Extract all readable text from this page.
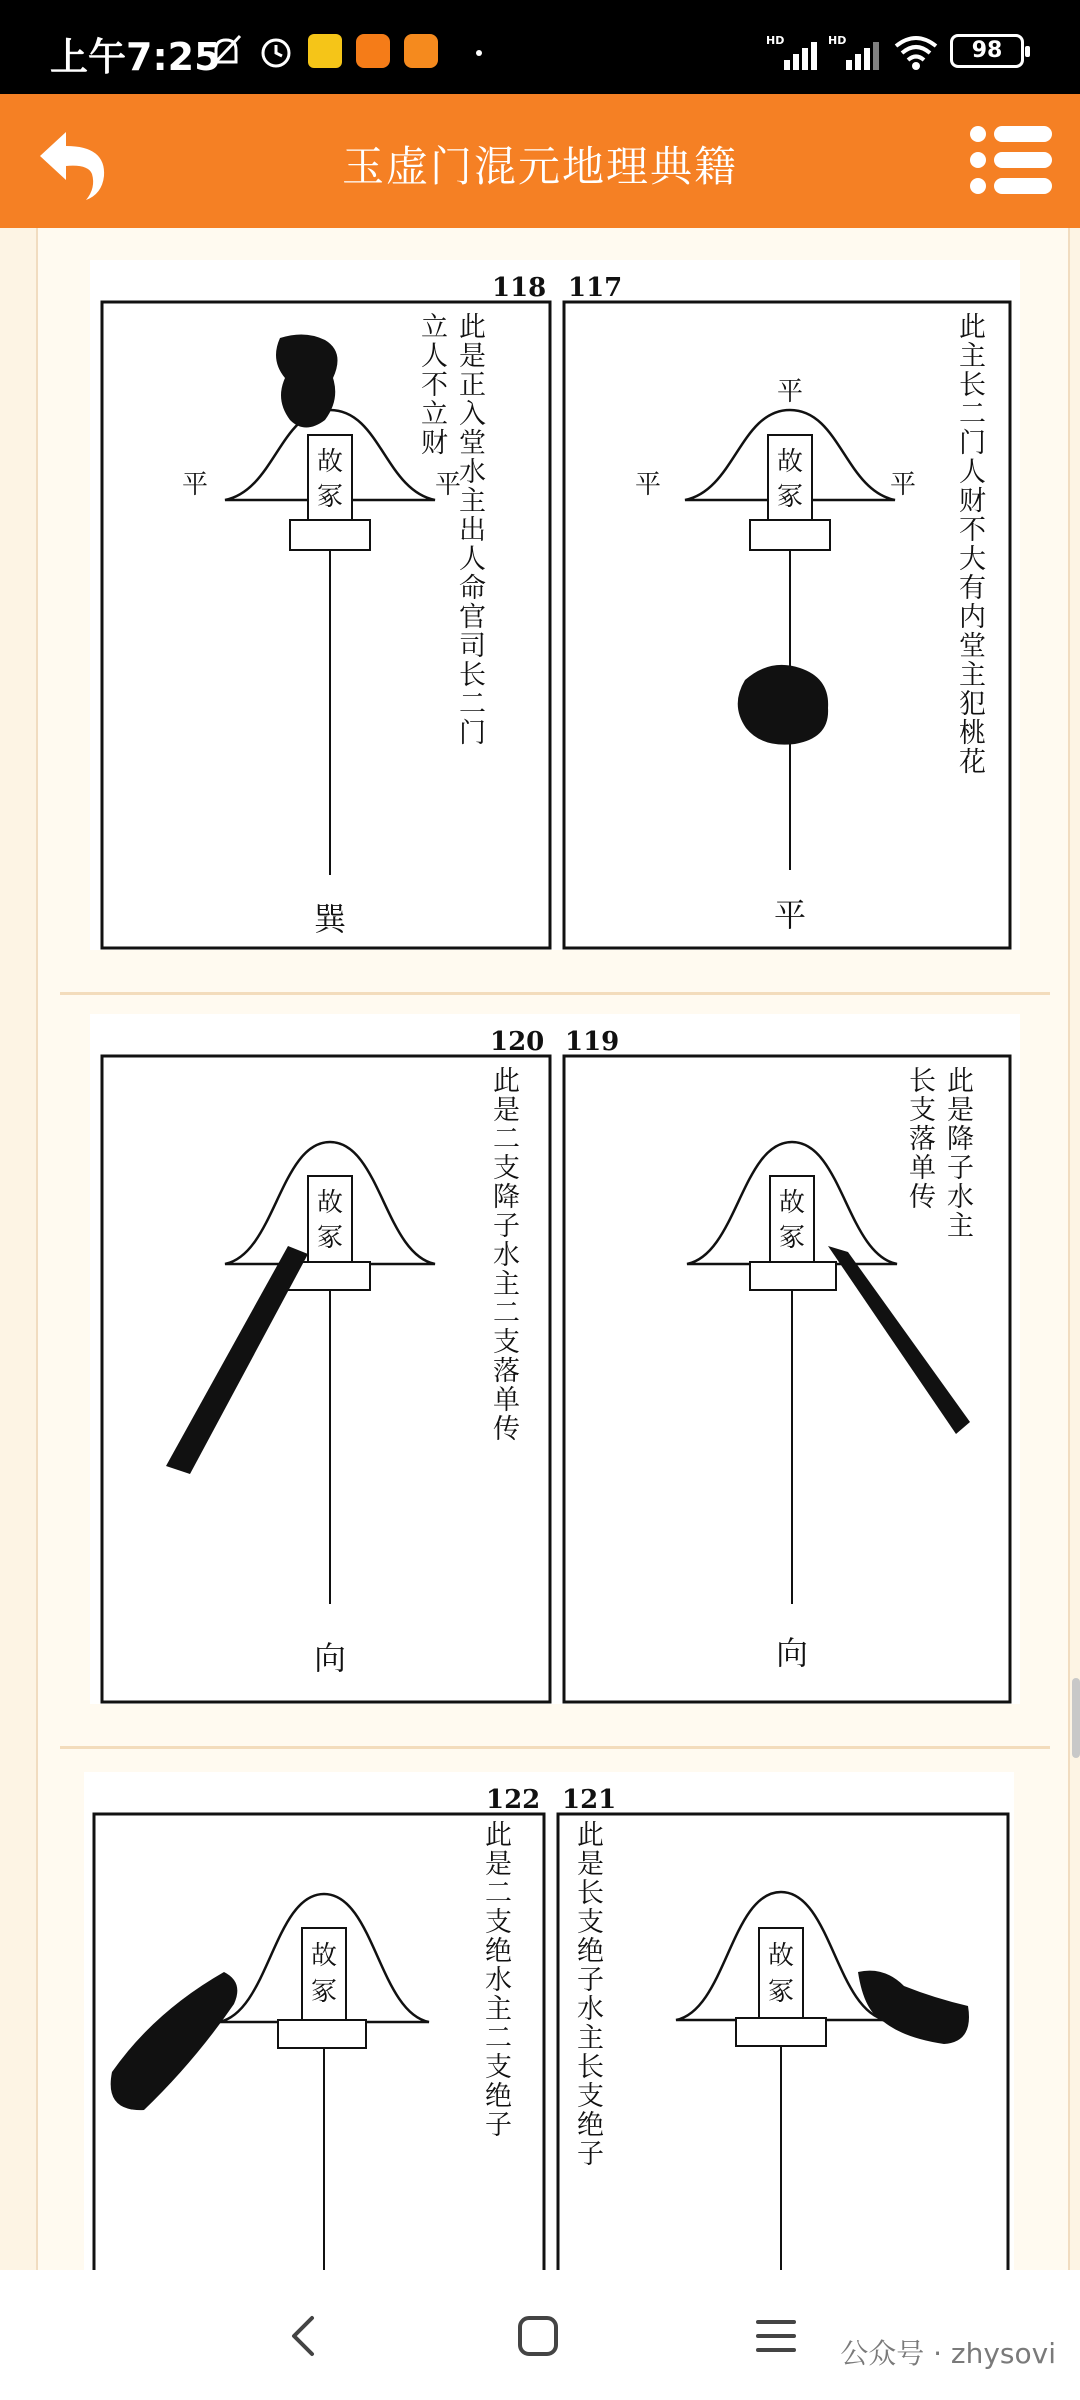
上午7:25	HD	HD	98
玉虚门混元地理典籍
118 117
故
冢
平	平
巽
故
冢
平
平	平
平
此是正入堂水主出人命官司长二门
立人不立财	此主长二门人财不大有内堂主犯桃花
120 119
故
冢
向
故
冢
向
此是二支降子水主二支落单传	此是降子水主
长支落单传
122 121
故
冢
故
冢
此是二支绝水主二支绝子 此是长支绝子水主长支绝子
公众号 · zhysovi
